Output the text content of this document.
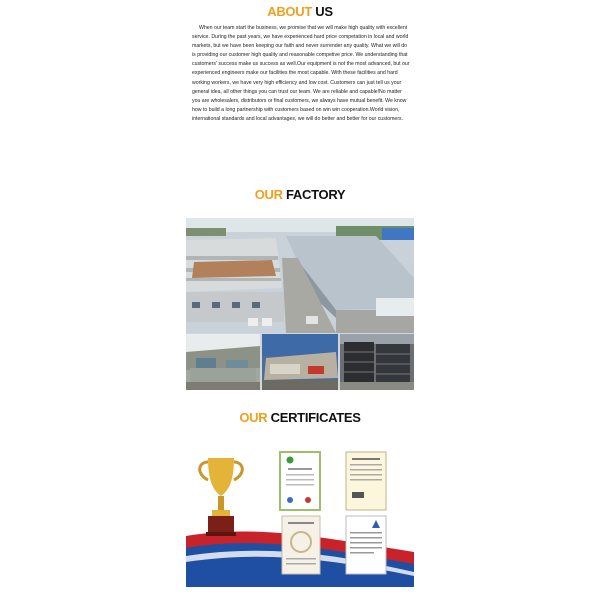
ABOUT US
When our team start the business, we promise that we will make high quality with excellent service. During the past years, we have experienced hard price competation in local and world markets, but we have been keeping our faith and never surrender any quality. What we will do is providing our customer high quality and reasonable competive price. We understanding that customers' success make us success as well.Our equipment is not the most advanced, but our experienced engineers make our facilities the most capable. With these facilities and hard working workers, we have very high efficiency and low cost. Customers can just tell us your general idea, all other things you can trust our team. We are reliable and capable!No matter you are wholesalers, distributors or final customers, we always have mutual benefit. We know how to build a long partnership with customers based on win win cooperation.World vision, international standards and local advantages, we will do better and better for our customers.
OUR FACTORY
OUR CERTIFICATES
